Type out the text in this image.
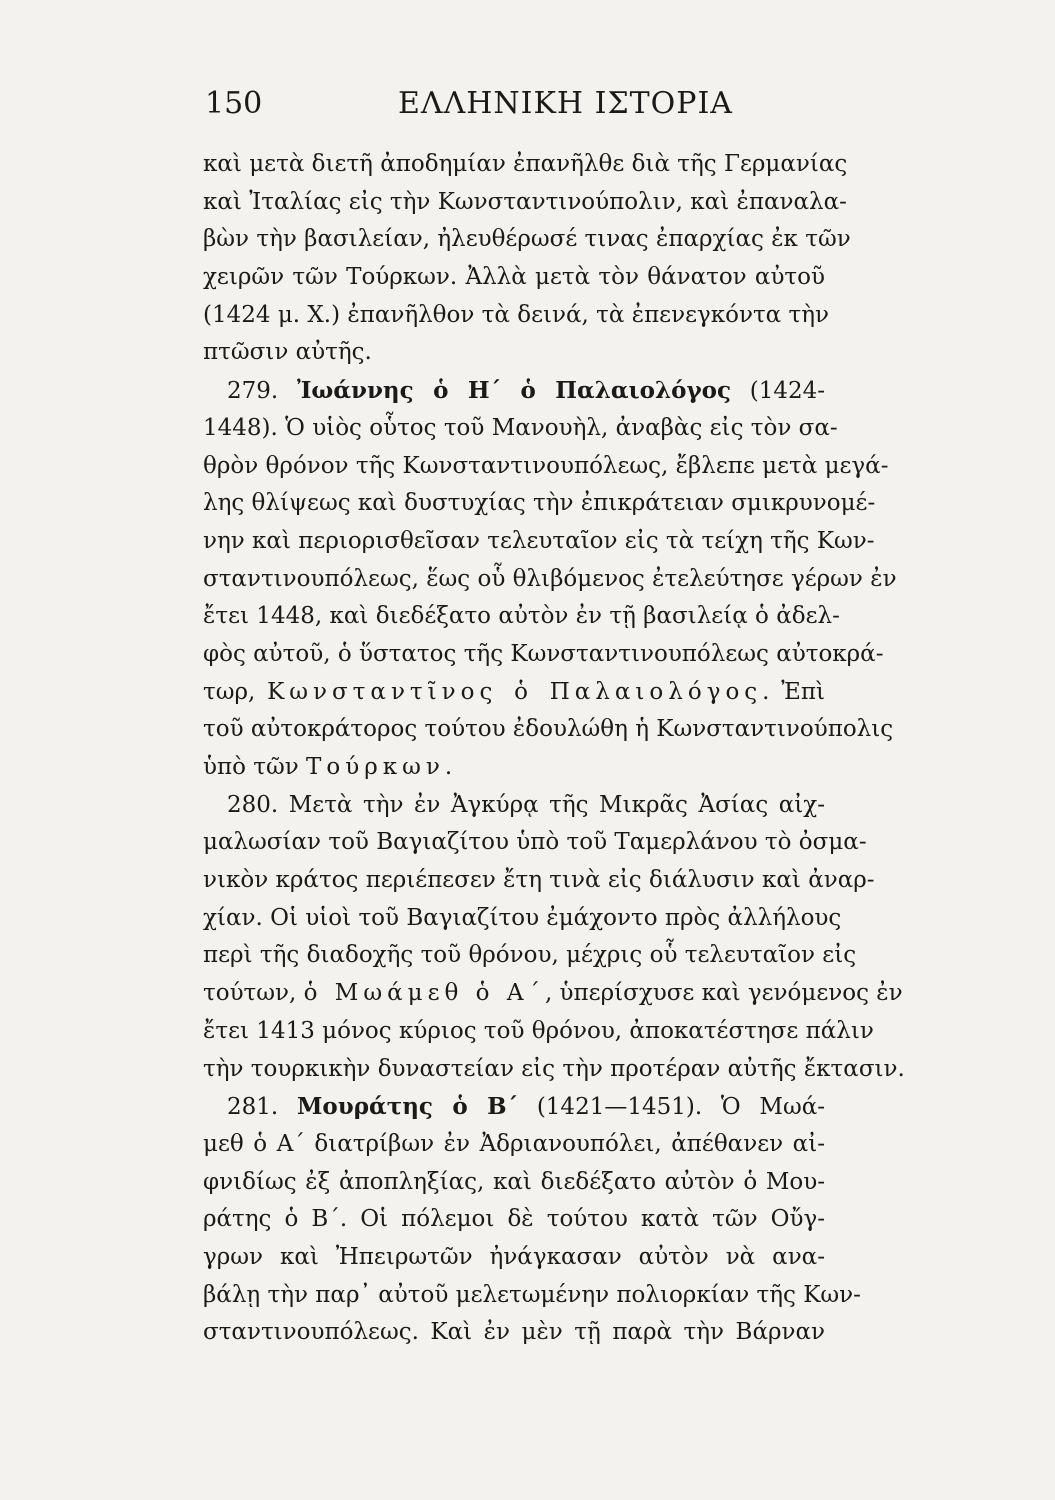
150	ΕΛΛΗΝΙΚΗ ΙΣΤΟΡΙΑ
καὶ μετὰ διετῆ ἀποδημίαν ἐπανῆλθε διὰ τῆς Γερμανίας
καὶ Ἰταλίας εἰς τὴν Κωνσταντινούπολιν, καὶ ἐπαναλα-
βὼν τὴν βασιλείαν, ἠλευθέρωσέ τινας ἐπαρχίας ἐκ τῶν
χειρῶν τῶν Τούρκων. Ἀλλὰ μετὰ τὸν θάνατον αὐτοῦ
(1424 μ. Χ.) ἐπανῆλθον τὰ δεινά, τὰ ἐπενεγκόντα τὴν
πτῶσιν αὐτῆς.
279. Ἰωάννης ὁ Η΄ ὁ Παλαιολόγος (1424-
1448). Ὁ υἱὸς οὗτος τοῦ Μανουὴλ, ἀναβὰς εἰς τὸν σα-
θρὸν θρόνον τῆς Κωνσταντινουπόλεως, ἔβλεπε μετὰ μεγά-
λης θλίψεως καὶ δυστυχίας τὴν ἐπικράτειαν σμικρυνομέ-
νην καὶ περιορισθεῖσαν τελευταῖον εἰς τὰ τείχη τῆς Κων-
σταντινουπόλεως, ἕως οὗ θλιβόμενος ἐτελεύτησε γέρων ἐν
ἔτει 1448, καὶ διεδέξατο αὐτὸν ἐν τῇ βασιλείᾳ ὁ ἀδελ-
φὸς αὐτοῦ, ὁ ὕστατος τῆς Κωνσταντινουπόλεως αὐτοκρά-
τωρ, Κωνσταντῖνος ὁ Παλαιολόγος. Ἐπὶ
τοῦ αὐτοκράτορος τούτου ἐδουλώθη ἡ Κωνσταντινούπολις
ὑπὸ τῶν Τούρκων.
280. Μετὰ τὴν ἐν Ἀγκύρᾳ τῆς Μικρᾶς Ἀσίας αἰχ-
μαλωσίαν τοῦ Βαγιαζίτου ὑπὸ τοῦ Ταμερλάνου τὸ ὀσμα-
νικὸν κράτος περιέπεσεν ἔτη τινὰ εἰς διάλυσιν καὶ ἀναρ-
χίαν. Οἱ υἱοὶ τοῦ Βαγιαζίτου ἐμάχοντο πρὸς ἀλλήλους
περὶ τῆς διαδοχῆς τοῦ θρόνου, μέχρις οὗ τελευταῖον εἰς
τούτων, ὁ Μωάμεθ ὁ Α΄, ὑπερίσχυσε καὶ γενόμενος ἐν
ἔτει 1413 μόνος κύριος τοῦ θρόνου, ἀποκατέστησε πάλιν
τὴν τουρκικὴν δυναστείαν εἰς τὴν προτέραν αὐτῆς ἔκτασιν.
281. Μουράτης ὁ Β΄ (1421—1451). Ὁ Μωά-
μεθ ὁ Α΄ διατρίβων ἐν Ἀδριανουπόλει, ἀπέθανεν αἰ-
φνιδίως ἐξ ἀποπληξίας, καὶ διεδέξατο αὐτὸν ὁ Μου-
ράτης ὁ Β΄. Οἱ πόλεμοι δὲ τούτου κατὰ τῶν Οὔγ-
γρων καὶ Ἠπειρωτῶν ἠνάγκασαν αὐτὸν νὰ ανα-
βάλῃ τὴν παρ᾽ αὐτοῦ μελετωμένην πολιορκίαν τῆς Κων-
σταντινουπόλεως. Καὶ ἐν μὲν τῇ παρὰ τὴν Βάρναν
